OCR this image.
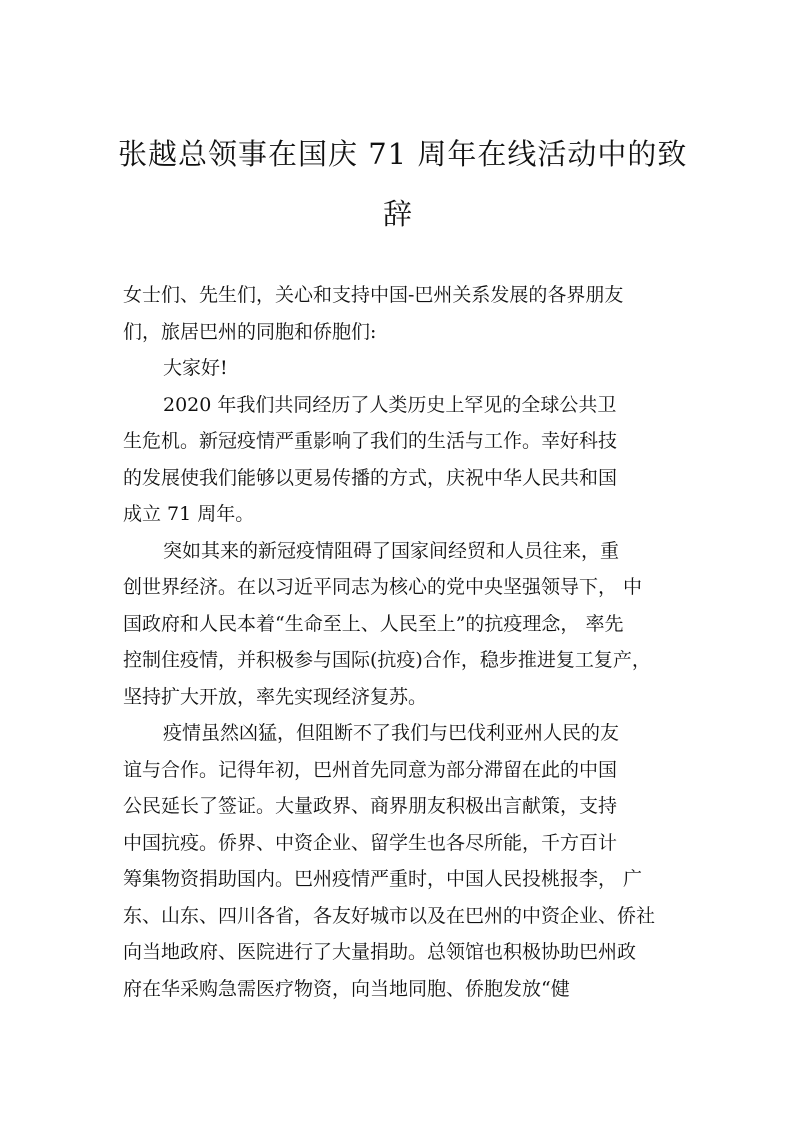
张越总领事在国庆 71 周年在线活动中的致
辞

女士们、先生们，关心和支持中国-巴州关系发展的各界朋友
们，旅居巴州的同胞和侨胞们:

大家好!

2020 年我们共同经历了人类历史上罕见的全球公共卫
生危机。新冠疫情严重影响了我们的生活与工作。幸好科技
的发展使我们能够以更易传播的方式，庆祝中华人民共和国
成立 71 周年。

突如其来的新冠疫情阻碍了国家间经贸和人员往来，重
创世界经济。在以习近平同志为核心的党中央坚强领导下， 中
国政府和人民本着“生命至上、人民至上”的抗疫理念， 率先
控制住疫情，并积极参与国际(抗疫)合作，稳步推进复工复产，
坚持扩大开放，率先实现经济复苏。

疫情虽然凶猛，但阻断不了我们与巴伐利亚州人民的友
谊与合作。记得年初，巴州首先同意为部分滞留在此的中国
公民延长了签证。大量政界、商界朋友积极出言献策，支持
中国抗疫。侨界、中资企业、留学生也各尽所能，千方百计
筹集物资捐助国内。巴州疫情严重时，中国人民投桃报李， 广
东、山东、四川各省，各友好城市以及在巴州的中资企业、侨社
向当地政府、医院进行了大量捐助。总领馆也积极协助巴州政
府在华采购急需医疗物资，向当地同胞、侨胞发放“健
